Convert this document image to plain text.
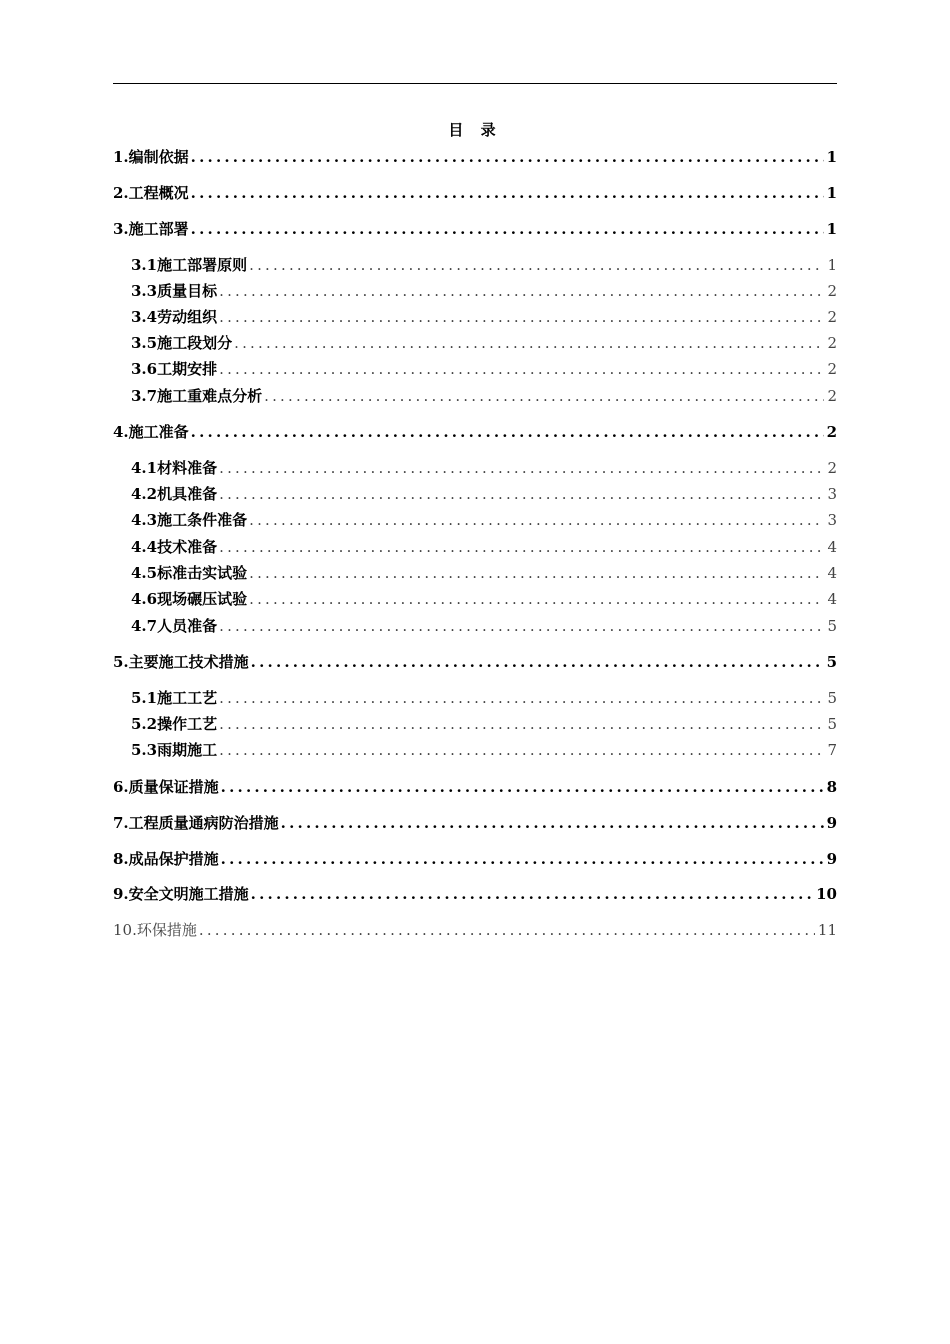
目 录
1.编制依据 .....	1
2.工程概况 .....	1
3.施工部署 .....	1
3.1施工部署原则 .....	1
3.3质量目标 .....	2
3.4劳动组织 .....	2
3.5施工段划分 .....	2
3.6工期安排 .....	2
3.7施工重难点分析 .....	2
4.施工准备 .....	2
4.1材料准备 .....	2
4.2机具准备 .....	3
4.3施工条件准备 .....	3
4.4技术准备 .....	4
4.5标准击实试验 .....	4
4.6现场碾压试验 .....	4
4.7人员准备 .....	5
5.主要施工技术措施 .....	5
5.1施工工艺 .....	5
5.2操作工艺 .....	5
5.3雨期施工 .....	7
6.质量保证措施 .....	8
7.工程质量通病防治措施 .....	9
8.成品保护措施 .....	9
9.安全文明施工措施 .....	10
10.环保措施 .....	11
